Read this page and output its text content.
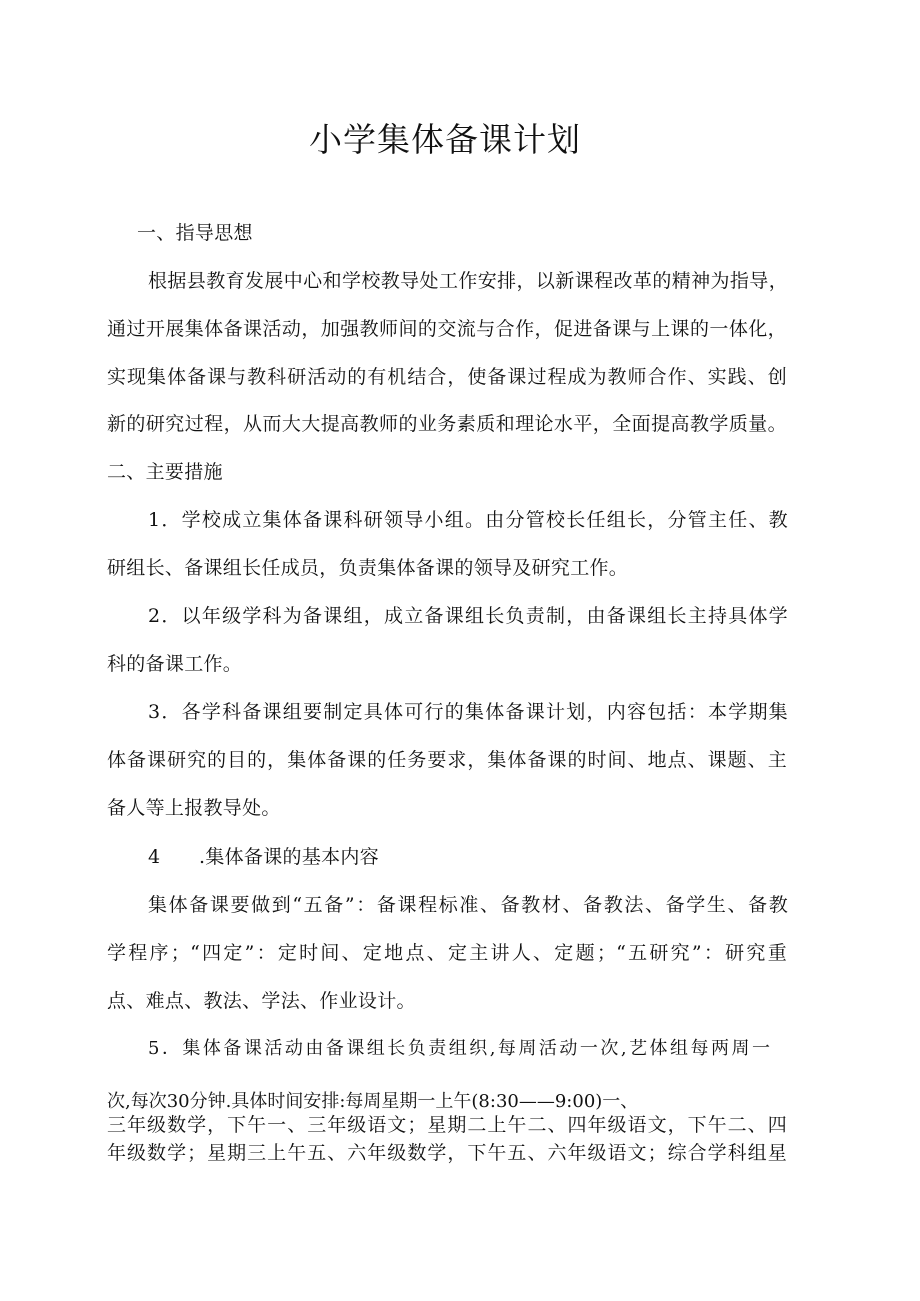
小学集体备课计划
一、指导思想
根据县教育发展中心和学校教导处工作安排，以新课程改革的精神为指导，
通过开展集体备课活动，加强教师间的交流与合作，促进备课与上课的一体化，
实现集体备课与教科研活动的有机结合，使备课过程成为教师合作、实践、创
新的研究过程，从而大大提高教师的业务素质和理论水平，全面提高教学质量。
二、主要措施
1．学校成立集体备课科研领导小组。由分管校长任组长，分管主任、教
研组长、备课组长任成员，负责集体备课的领导及研究工作。
2．以年级学科为备课组，成立备课组长负责制，由备课组长主持具体学
科的备课工作。
3．各学科备课组要制定具体可行的集体备课计划，内容包括：本学期集
体备课研究的目的，集体备课的任务要求，集体备课的时间、地点、课题、主
备人等上报教导处。
4　　.集体备课的基本内容
集体备课要做到“五备”：备课程标准、备教材、备教法、备学生、备教
学程序；“四定”：定时间、定地点、定主讲人、定题；“五研究”：研究重
点、难点、教法、学法、作业设计。
5．集体备课活动由备课组长负责组织,每周活动一次,艺体组每两周一
次,每次30分钟.具体时间安排:每周星期一上午(8:30——9:00)一、
三年级数学，下午一、三年级语文；星期二上午二、四年级语文，下午二、四
年级数学；星期三上午五、六年级数学，下午五、六年级语文；综合学科组星
